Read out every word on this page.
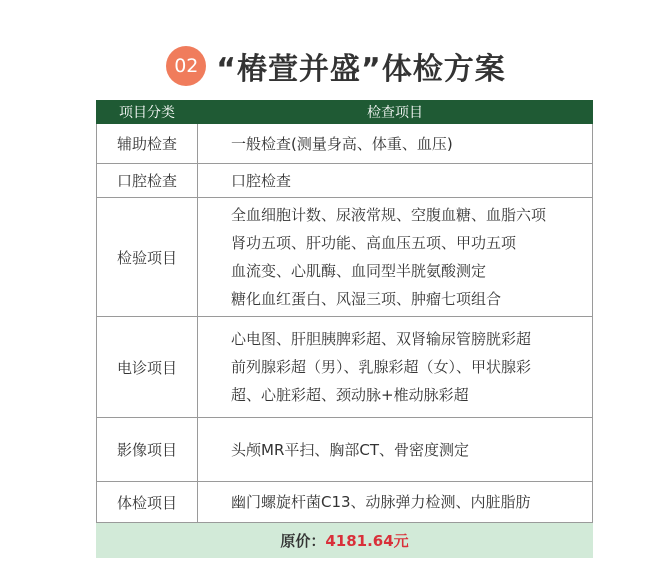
02 “椿萱并盛”体检方案
项目分类	检查项目
辅助检查	一般检查(测量身高、体重、血压)

口腔检查	口腔检查

检验项目	全血细胞计数、尿液常规、空腹血糖、血脂六项
肾功五项、肝功能、高血压五项、甲功五项
血流变、心肌酶、血同型半胱氨酸测定
糖化血红蛋白、风湿三项、肿瘤七项组合

电诊项目	心电图、肝胆胰脾彩超、双肾输尿管膀胱彩超
前列腺彩超（男）、乳腺彩超（女）、甲状腺彩
超、心脏彩超、颈动脉+椎动脉彩超

影像项目	头颅MR平扫、胸部CT、骨密度测定

体检项目	幽门螺旋杆菌C13、动脉弹力检测、内脏脂肪

原价：4181.64元	
